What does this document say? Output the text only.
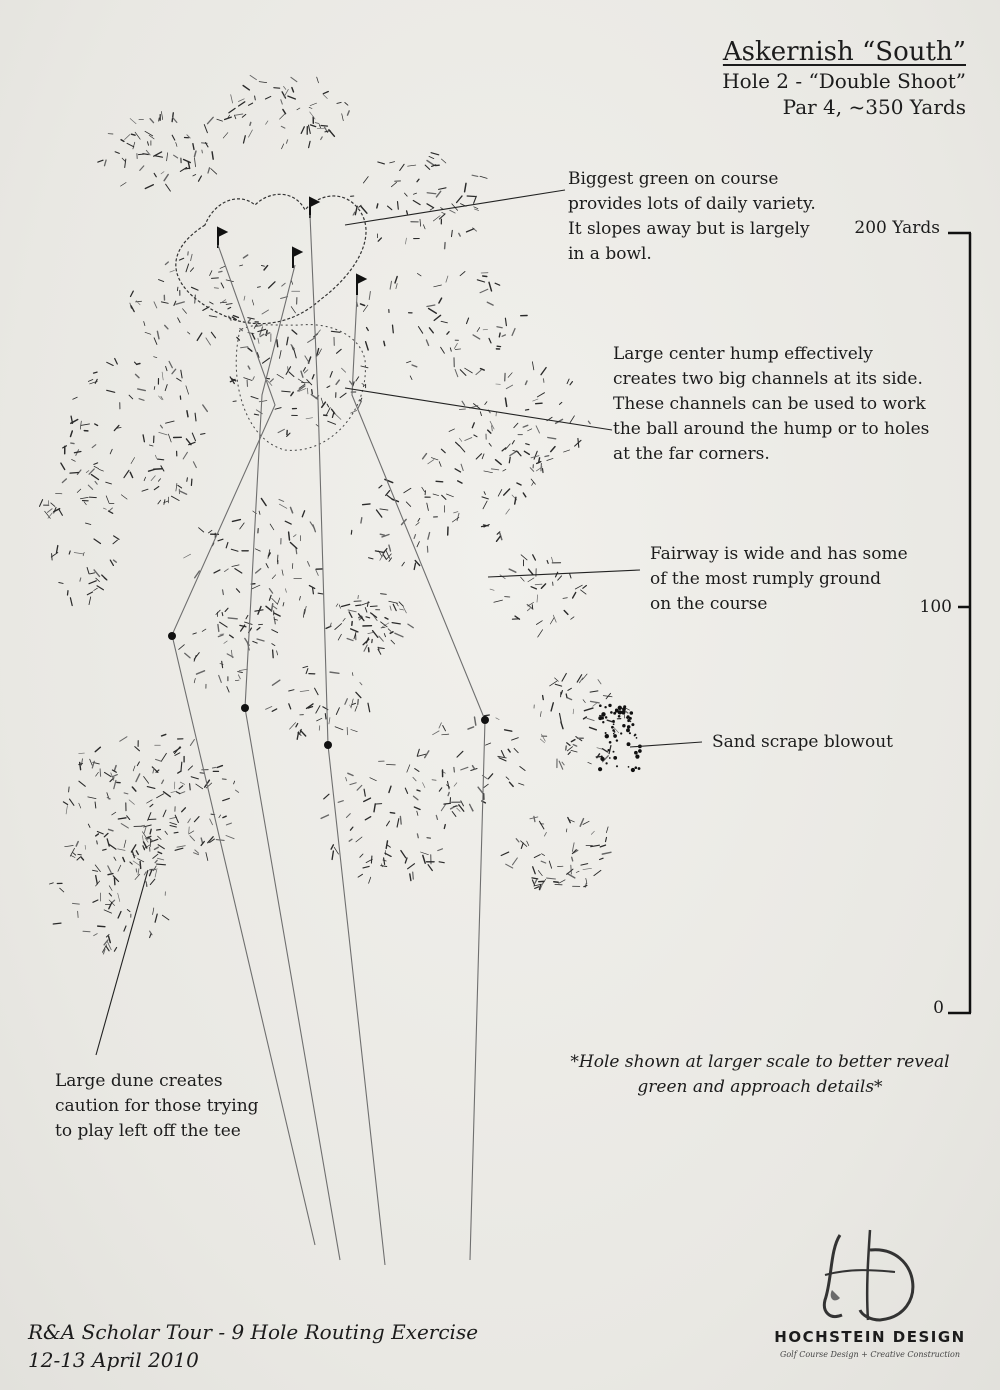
Askernish “South”
Hole 2 - “Double Shoot”
Par 4, ~350 Yards
Biggest green on course
provides lots of daily variety.
It slopes away but is largely
in a bowl.
Large center hump effectively
creates two big channels at its side.
These channels can be used to work
the ball around the hump or to holes
at the far corners.
Fairway is wide and has some
of the most rumply ground
on the course
Sand scrape blowout
Large dune creates
caution for those trying
to play left off the tee
200 Yards
100
0
*Hole shown at larger scale to better reveal
green and approach details*
R&A Scholar Tour - 9 Hole Routing Exercise
12-13 April 2010
HOCHSTEIN DESIGN
Golf Course Design + Creative Construction
